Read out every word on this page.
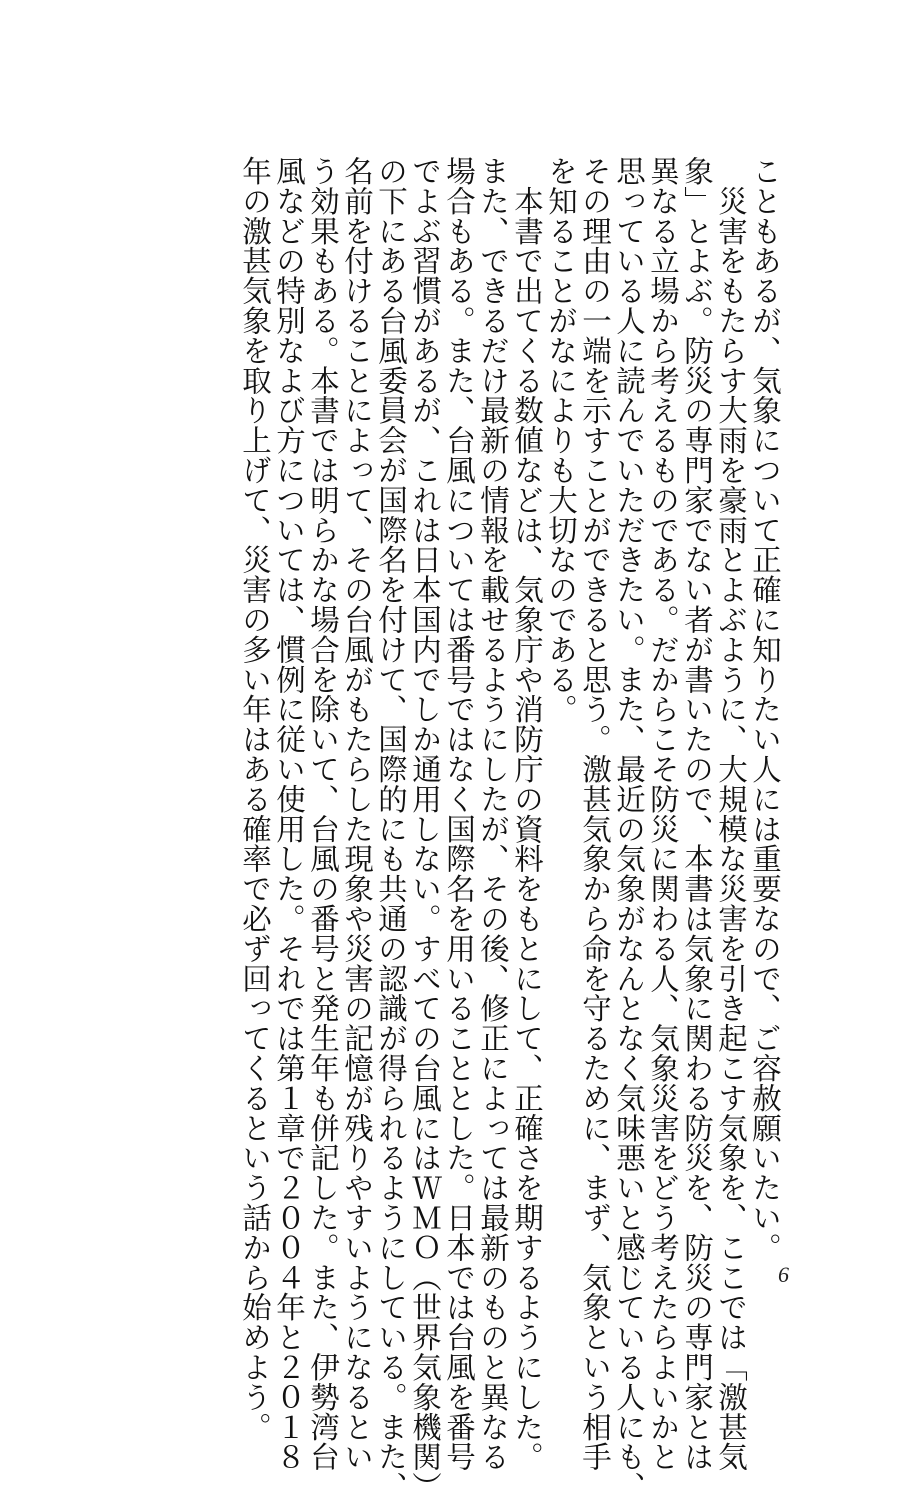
こともあるが、気象について正確に知りたい人には重要なので、ご容赦願いたい。
　災害をもたらす大雨を豪雨とよぶように、大規模な災害を引き起こす気象を、ここでは「激甚気
象」とよぶ。防災の専門家でない者が書いたので、本書は気象に関わる防災を、防災の専門家とは
異なる立場から考えるものである。だからこそ防災に関わる人、気象災害をどう考えたらよいかと
思っている人に読んでいただきたい。また、最近の気象がなんとなく気味悪いと感じている人にも、
その理由の一端を示すことができると思う。激甚気象から命を守るために、まず、気象という相手
を知ることがなによりも大切なのである。
　本書で出てくる数値などは、気象庁や消防庁の資料をもとにして、正確さを期するようにした。
また、できるだけ最新の情報を載せるようにしたが、その後、修正によっては最新のものと異なる
場合もある。また、台風については番号ではなく国際名を用いることとした。日本では台風を番号
でよぶ習慣があるが、これは日本国内でしか通用しない。すべての台風にはＷＭＯ（世界気象機関）
の下にある台風委員会が国際名を付けて、国際的にも共通の認識が得られるようにしている。また、
名前を付けることによって、その台風がもたらした現象や災害の記憶が残りやすいようになるとい
う効果もある。本書では明らかな場合を除いて、台風の番号と発生年も併記した。また、伊勢湾台
風などの特別なよび方については、慣例に従い使用した。それでは第１章で２００４年と２０１８
年の激甚気象を取り上げて、災害の多い年はある確率で必ず回ってくるという話から始めよう。	6
